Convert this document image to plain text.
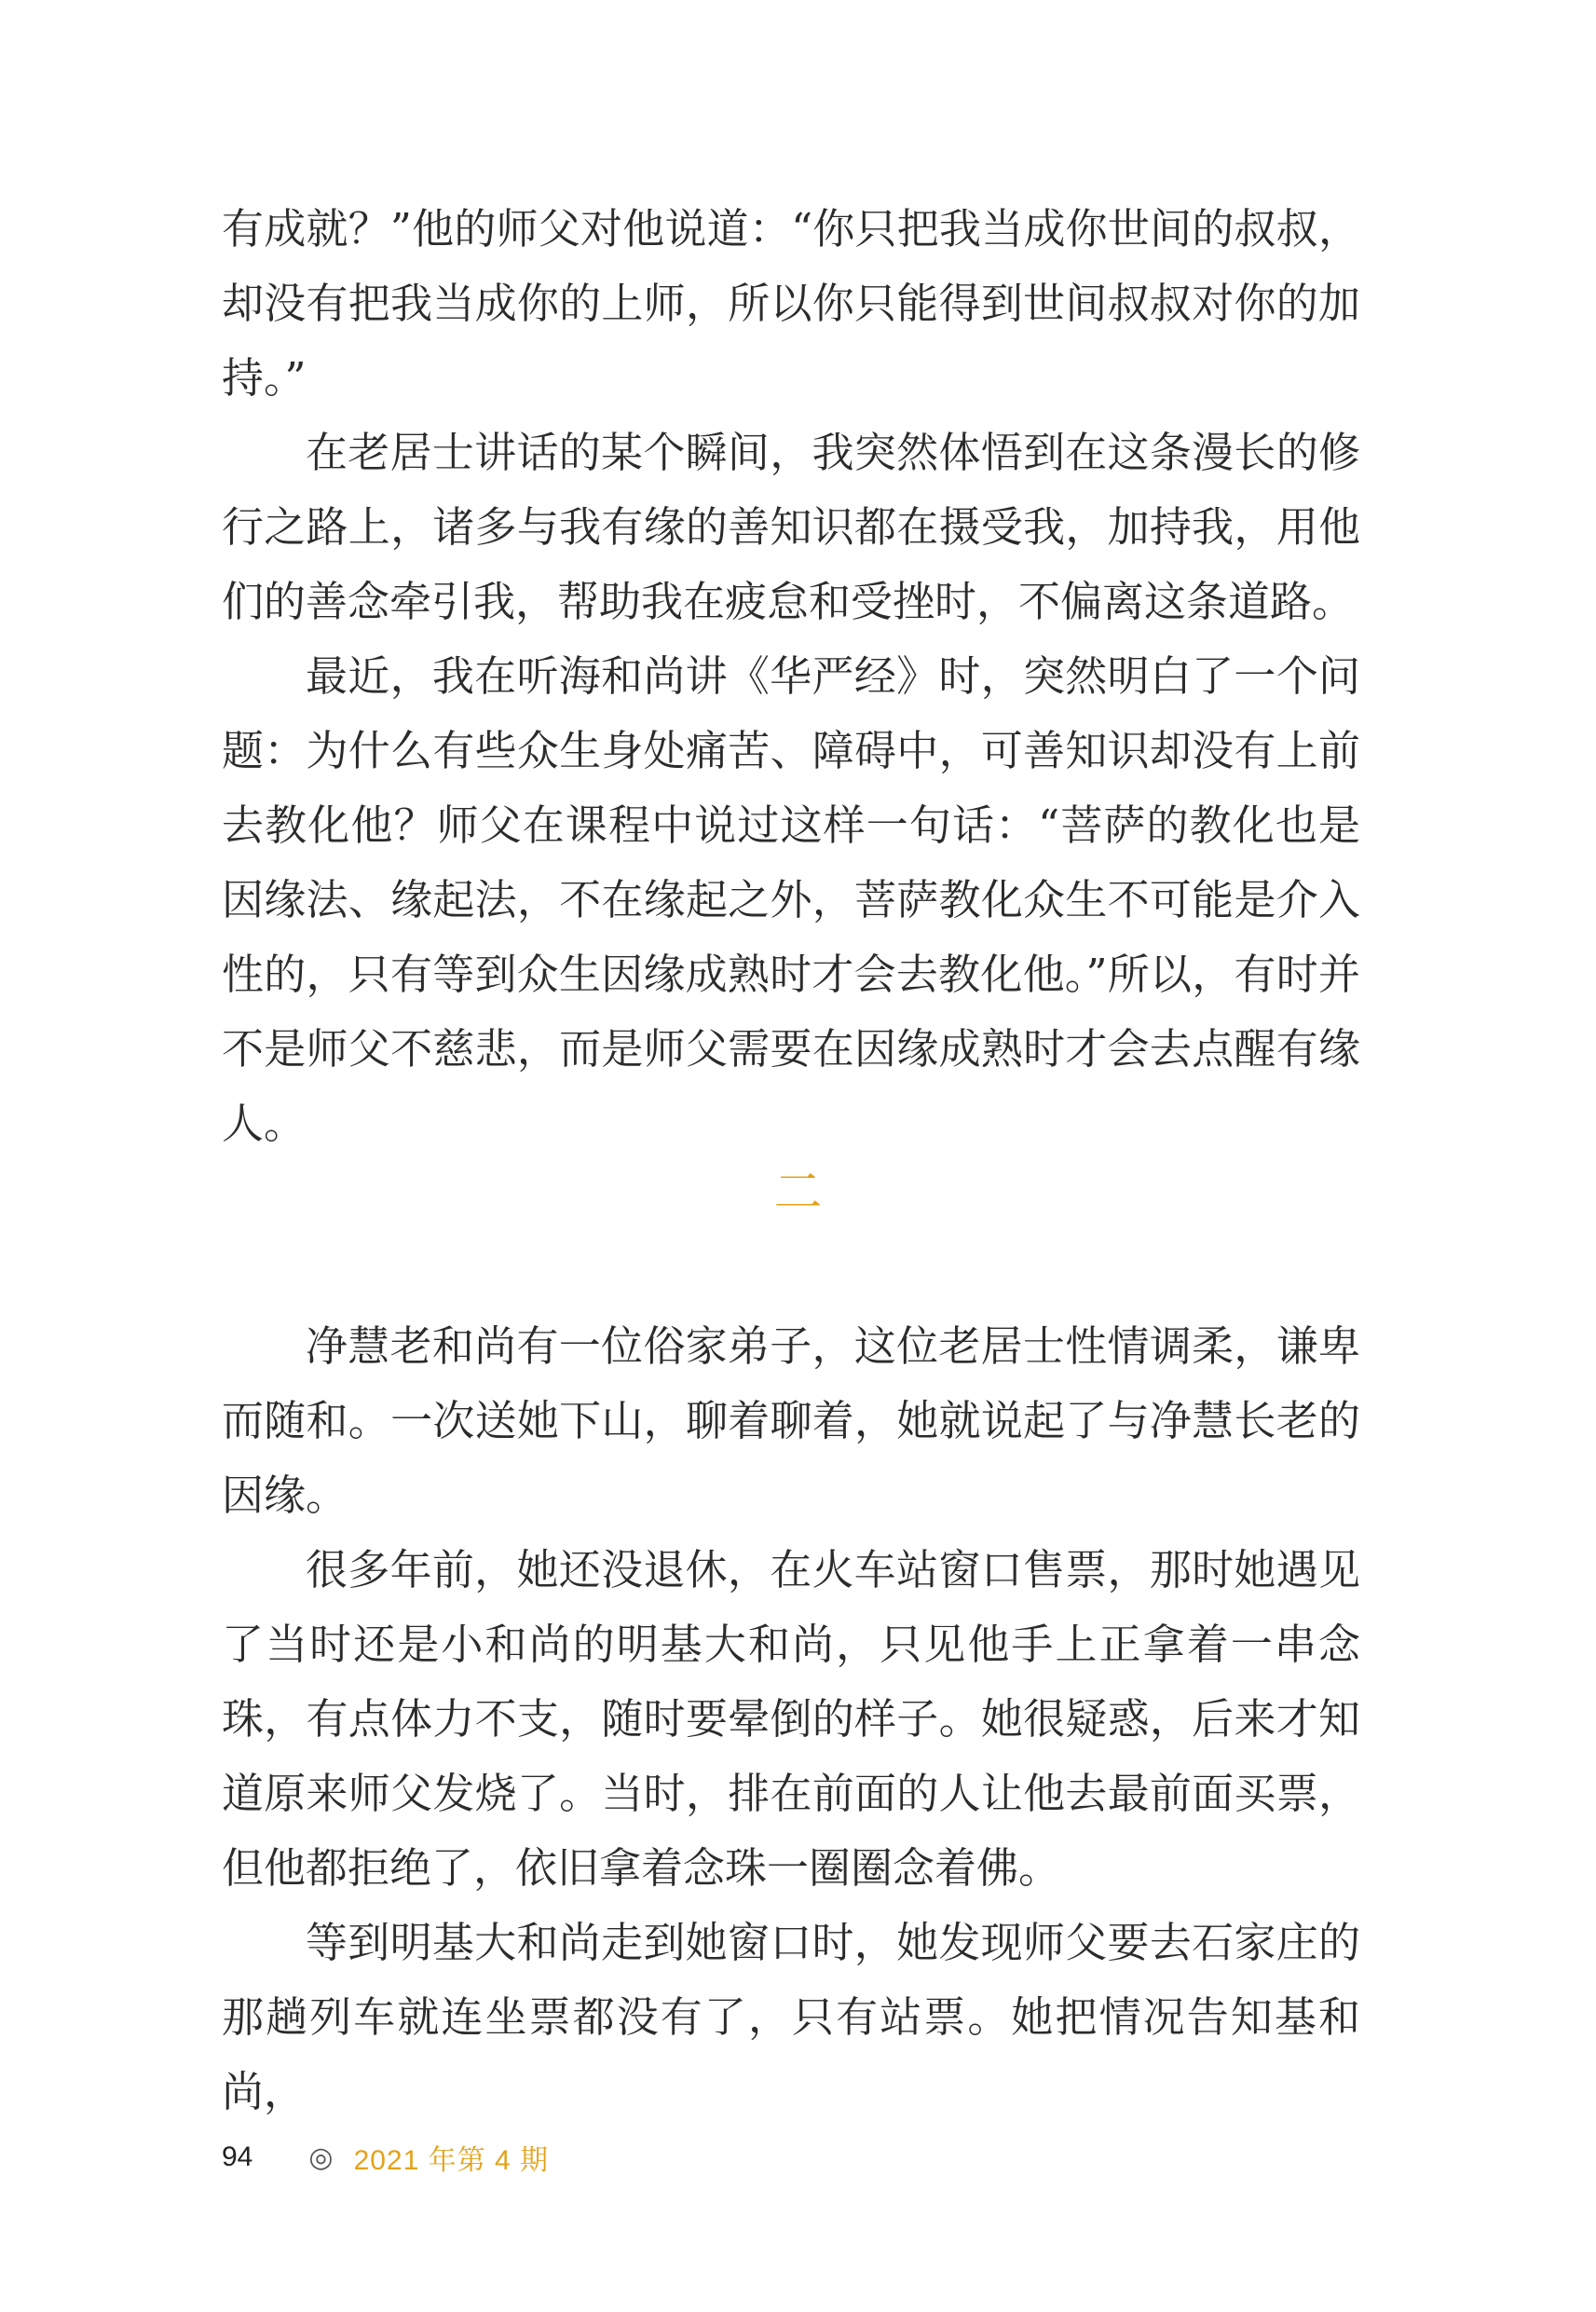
有成就？”他的师父对他说道：“你只把我当成你世间的叔叔，却没有把我当成你的上师，所以你只能得到世间叔叔对你的加持。”

在老居士讲话的某个瞬间，我突然体悟到在这条漫长的修行之路上，诸多与我有缘的善知识都在摄受我，加持我，用他们的善念牵引我，帮助我在疲怠和受挫时，不偏离这条道路。

最近，我在听海和尚讲《华严经》时，突然明白了一个问题：为什么有些众生身处痛苦、障碍中，可善知识却没有上前去教化他？师父在课程中说过这样一句话：“菩萨的教化也是因缘法、缘起法，不在缘起之外，菩萨教化众生不可能是介入性的，只有等到众生因缘成熟时才会去教化他。”所以，有时并不是师父不慈悲，而是师父需要在因缘成熟时才会去点醒有缘人。

二

净慧老和尚有一位俗家弟子，这位老居士性情调柔，谦卑而随和。一次送她下山，聊着聊着，她就说起了与净慧长老的因缘。

很多年前，她还没退休，在火车站窗口售票，那时她遇见了当时还是小和尚的明基大和尚，只见他手上正拿着一串念珠，有点体力不支，随时要晕倒的样子。她很疑惑，后来才知道原来师父发烧了。当时，排在前面的人让他去最前面买票，但他都拒绝了，依旧拿着念珠一圈圈念着佛。

等到明基大和尚走到她窗口时，她发现师父要去石家庄的那趟列车就连坐票都没有了，只有站票。她把情况告知基和尚，

94 ◎ 2021 年第 4 期
